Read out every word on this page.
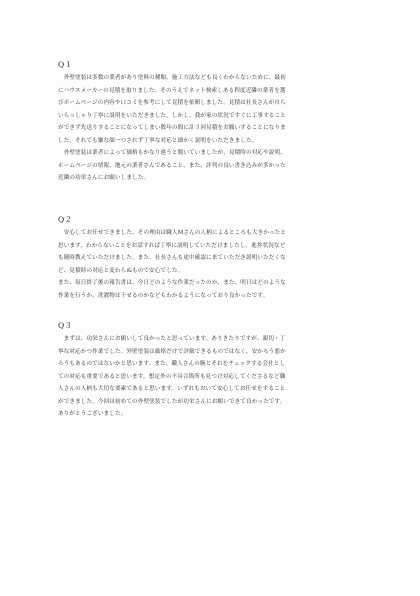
Q１
　外壁塗装は多数の業者があり塗料の種類、施工方法なども良くわからないために、最初
にハウスメーカーの見積を取りました。そのうえでネット検索しある程度近隣の業者を選
びホームページの内容や口コミを参考にして見積を依頼しました。見積は社長さんが自ら
いらっしゃり丁寧に説明をいただきました。しかし、我が家の状況ですぐに工事すること
ができず先送りすることになってしまい数年の間に計３回見積をお願いすることになりま
した。それでも嫌な顔一つされず丁寧な対応と細かく説明をいただきました。
　外壁塗装は業者によって価格もかなり違うと聞いていましたが、見積時の対応や説明、
ホームページの情報、地元の業者さんであること、また、評判の良い書き込みが多かった
近隣の功栄さんにお願いしました。
Q２
　安心してお任せできました。その理由は職人Mさんの人柄によるところも大きかったと
思います。わからないことをお話すれば丁寧に説明していただけましたし、進捗状況など
も随時教えていただけました。また、社長さんも途中確認に来ていただき説明いただくな
ど、見積時の対応と変わらぬもので安心でした。
また、毎日終了後の報告書は、今日どのような作業だったのか、また、明日はどのような
作業を行うか、洗濯物は干せるのかなどもわかるようになっており良かったです。
Q３
　まずは、功栄さんにお願いして良かったと思っています。ありきたりですが、親切・丁
寧な対応かつ作業でした。外壁塗装は価格だけで評価できるものではなく、安かろう悪か
ろうもあるのではないかと思います。また、職人さんの腕とそれをチェックする会社とし
ての対応も重要であると思います。想定外の不具合箇所も見つけ対応してくださるなど職
人さんの人柄も大切な要素であると思います。いずれもおいて安心してお任せをすること
ができました。今回は初めての外壁塗装でしたが功栄さんにお願いできて良かったです。
ありがとうございました。
